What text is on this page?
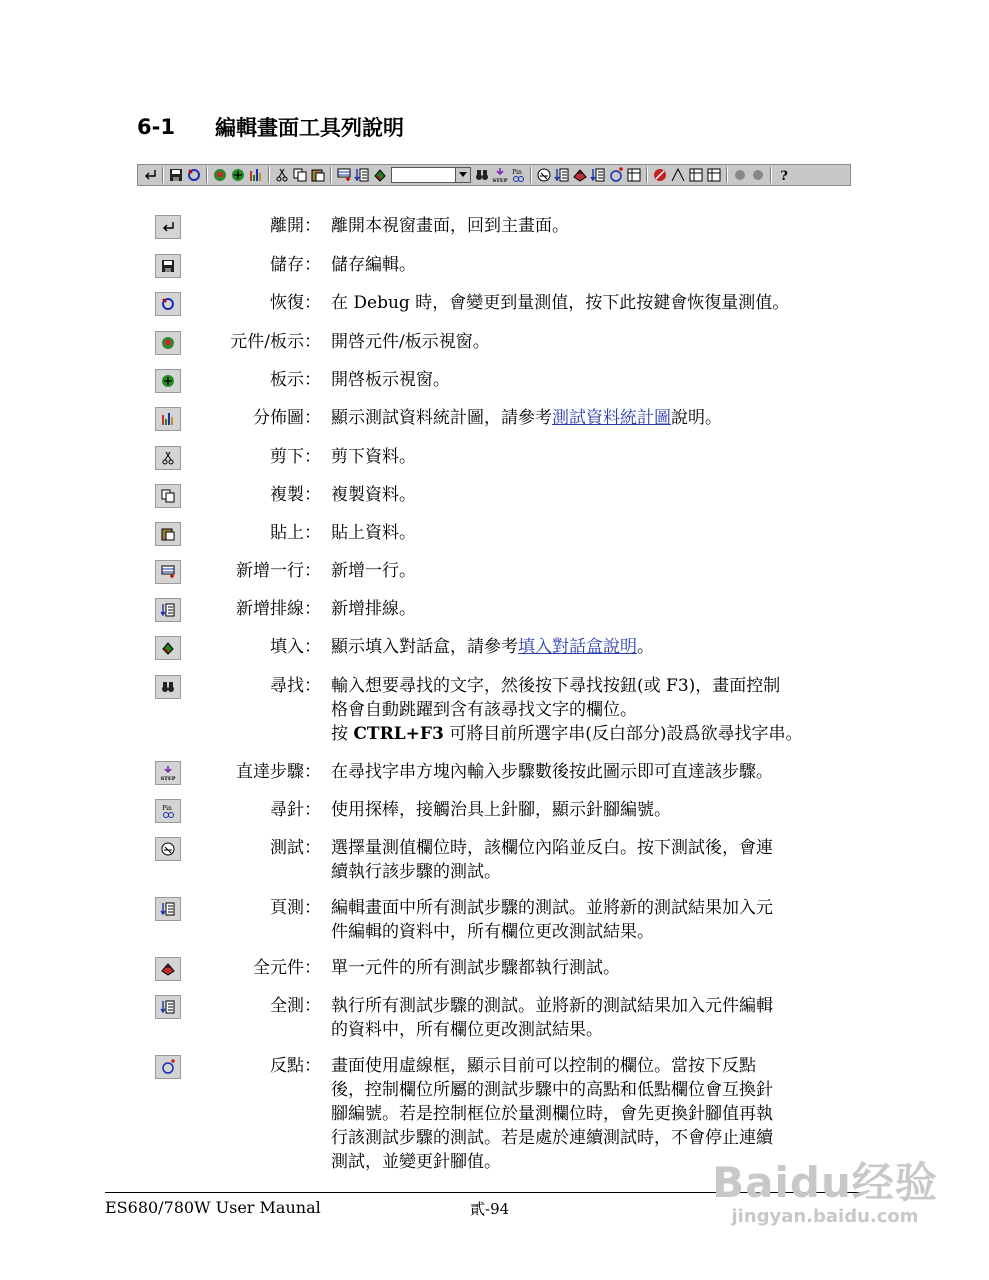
6-1	編輯畫面工具列說明
STEP
Pin	?
離開： 離開本視窗畫面，回到主畫面。
儲存： 儲存編輯。
恢復： 在 Debug 時，會變更到量測值，按下此按鍵會恢復量測值。
元件/板示： 開啓元件/板示視窗。
板示： 開啓板示視窗。
分佈圖： 顯示測試資料統計圖，請參考測試資料統計圖說明。
剪下： 剪下資料。
複製： 複製資料。
貼上： 貼上資料。
新增一行： 新增一行。
新增排線： 新增排線。
填入： 顯示填入對話盒，請參考填入對話盒說明。
尋找： 輸入想要尋找的文字，然後按下尋找按鈕(或 F3)，畫面控制
格會自動跳躍到含有該尋找文字的欄位。
按 CTRL+F3 可將目前所選字串(反白部分)設爲欲尋找字串。
STEP	直達步驟： 在尋找字串方塊內輸入步驟數後按此圖示即可直達該步驟。
Pin	尋針： 使用探棒，接觸治具上針腳，顯示針腳編號。
測試： 選擇量測值欄位時，該欄位內陷並反白。按下測試後，會連
續執行該步驟的測試。
頁測： 編輯畫面中所有測試步驟的測試。並將新的測試結果加入元
件編輯的資料中，所有欄位更改測試結果。
全元件： 單一元件的所有測試步驟都執行測試。
全測： 執行所有測試步驟的測試。並將新的測試結果加入元件編輯
的資料中，所有欄位更改測試結果。
反點： 畫面使用虛線框，顯示目前可以控制的欄位。當按下反點
後，控制欄位所屬的測試步驟中的高點和低點欄位會互換針
腳編號。若是控制框位於量測欄位時，會先更換針腳值再執
行該測試步驟的測試。若是處於連續測試時，不會停止連續
測試，並變更針腳值。
ES680/780W User Maunal	貳-94
Baidu经验
jingyan.baidu.com
